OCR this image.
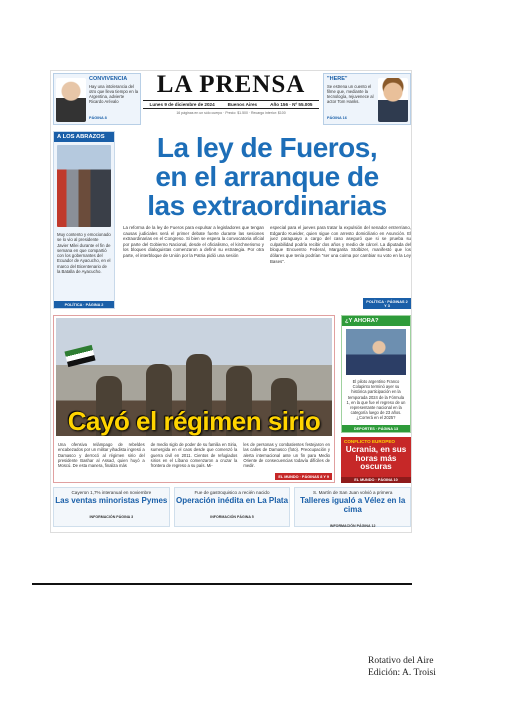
CONVIVENCIA
Hay una intolerancia del otro que lleva tiempo en la Argentina, advierte Ricardo Arévalo
PÁGINA 8
LA PRENSA
Lunes 9 de diciembre de 2024	Buenos Aires	Año 156 · Nº 55.005
16 páginas en un sólo cuerpo · Precio: $1.500 · Recargo interior: $100
"HERE"
Se estrena un cuento el filme que, mediante la tecnología, rejuvenece al actor Tom Hanks.
PÁGINA 16
A LOS ABRAZOS
Muy contento y emocionado se lo vio al presidente Javier Milei durante el fin de semana en que compartió con los gobernantes del Ecuador de Ayacucho, en el marco del Bicentenario de la Batalla de Ayacucho.
POLÍTICA · PÁGINA 2
La ley de Fueros,
en el arranque de
las extraordinarias
La reforma de la ley de Fueros para expulsar a legisladores que tengan causas judiciales será el primer debate fuerte durante las sesiones extraordinarias en el Congreso. Si bien se espera la convocatoria oficial por parte del Gobierno Nacional, desde el oficialismo, el kirchnerismo y los bloques dialoguistas comenzaron a definir su estrategia. Por otra parte, el interbloque de Unión por la Patria pidió una sesión
especial para el jueves para tratar la expulsión del senador entrerriano, Edgardo Kueider, quien sigue con arresto domiciliario en Asunción. El juez paraguayo a cargo del caso aseguró que si se prueba su culpabilidad podría recibir dos años y medio de cárcel. La diputada del bloque Encuentro Federal, Margarita Stolbizer, manifestó que los dólares que tenía podrían "ser una coima por cambiar su voto en la Ley Bases".
POLÍTICA · PÁGINAS 2 Y 3
Cayó el régimen sirio
Una ofensiva relámpago de rebeldes encabezados por un militar yihadista ingresó a Damasco y derrocó al régimen sirio del presidente Bashar al Assad, quien huyó a Moscú. De esta manera, finaliza más
de medio siglo de poder de su familia en Siria, sumergida en el caos desde que comenzó la guerra civil en 2011. Cientos de refugiados sirios en el Líbano comenzaron a cruzar la frontera de regreso a su país. Mi-
les de personas y combatientes festejaron en las calles de Damasco (foto). Preocupación y alerta internacional ante un fin para Medio Oriente de consecuencias todavía difíciles de medir.
EL MUNDO · PÁGINAS 8 Y 9
¿Y AHORA?
El piloto argentino Franco Colapinto terminó ayer su histórica participación en la temporada 2024 de la Fórmula 1, en la que fue el regreso de un representante nacional en la categoría luego de 23 años. ¿Correrá en el 2025?
DEPORTES · PÁGINA 13
CONFLICTO EUROPEO
Ucrania, en sus horas más oscuras
EL MUNDO · PÁGINA 10
Cayeron 1,7% interanual en noviembre
Las ventas minoristas Pymes
INFORMACIÓN PÁGINA 3
Fue de gastroquisico a recién nacido
Operación inédita en La Plata
INFORMACIÓN PÁGINA 5
S. Martín de San Juan volvió a primera
Talleres igualó a Vélez en la cima
INFORMACIÓN PÁGINA 12
Rotativo del Aire
Edición: A. Troisi
